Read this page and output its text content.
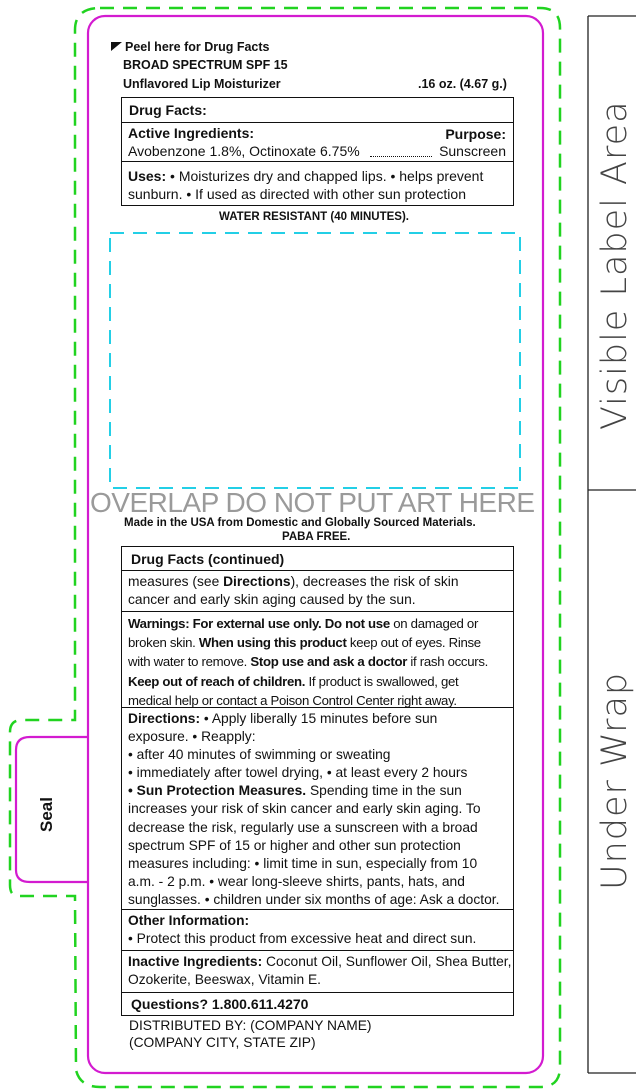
Peel here for Drug Facts
BROAD SPECTRUM SPF 15
Unflavored Lip Moisturizer	.16 oz. (4.67 g.)
Drug Facts:
Active Ingredients:	Purpose:
Avobenzone 1.8%, Octinoxate 6.75%	Sunscreen

Uses: • Moisturizes dry and chapped lips. • helps prevent

sunburn. • If used as directed with other sun protection

WATER RESISTANT (40 MINUTES).
OVERLAP DO NOT PUT ART HERE
Made in the USA from Domestic and Globally Sourced Materials.
PABA FREE.
Drug Facts (continued)

measures (see Directions), decreases the risk of skin

cancer and early skin aging caused by the sun.

Warnings: For external use only. Do not use on damaged or

broken skin. When using this product keep out of eyes. Rinse

with water to remove. Stop use and ask a doctor if rash occurs.

Keep out of reach of children. If product is swallowed, get

medical help or contact a Poison Control Center right away.

Directions: • Apply liberally 15 minutes before sun

exposure. • Reapply:

• after 40 minutes of swimming or sweating

• immediately after towel drying, • at least every 2 hours

• Sun Protection Measures. Spending time in the sun

increases your risk of skin cancer and early skin aging. To

decrease the risk, regularly use a sunscreen with a broad

spectrum SPF of 15 or higher and other sun protection

measures including: • limit time in sun, especially from 10

a.m. - 2 p.m. • wear long-sleeve shirts, pants, hats, and

sunglasses. • children under six months of age: Ask a doctor.

Other Information:

• Protect this product from excessive heat and direct sun.

Inactive Ingredients: Coconut Oil, Sunflower Oil, Shea Butter,

Ozokerite, Beeswax, Vitamin E.

Questions? 1.800.611.4270
DISTRIBUTED BY: (COMPANY NAME)
(COMPANY CITY, STATE ZIP)
Seal
Visible Label Area
Under Wrap
